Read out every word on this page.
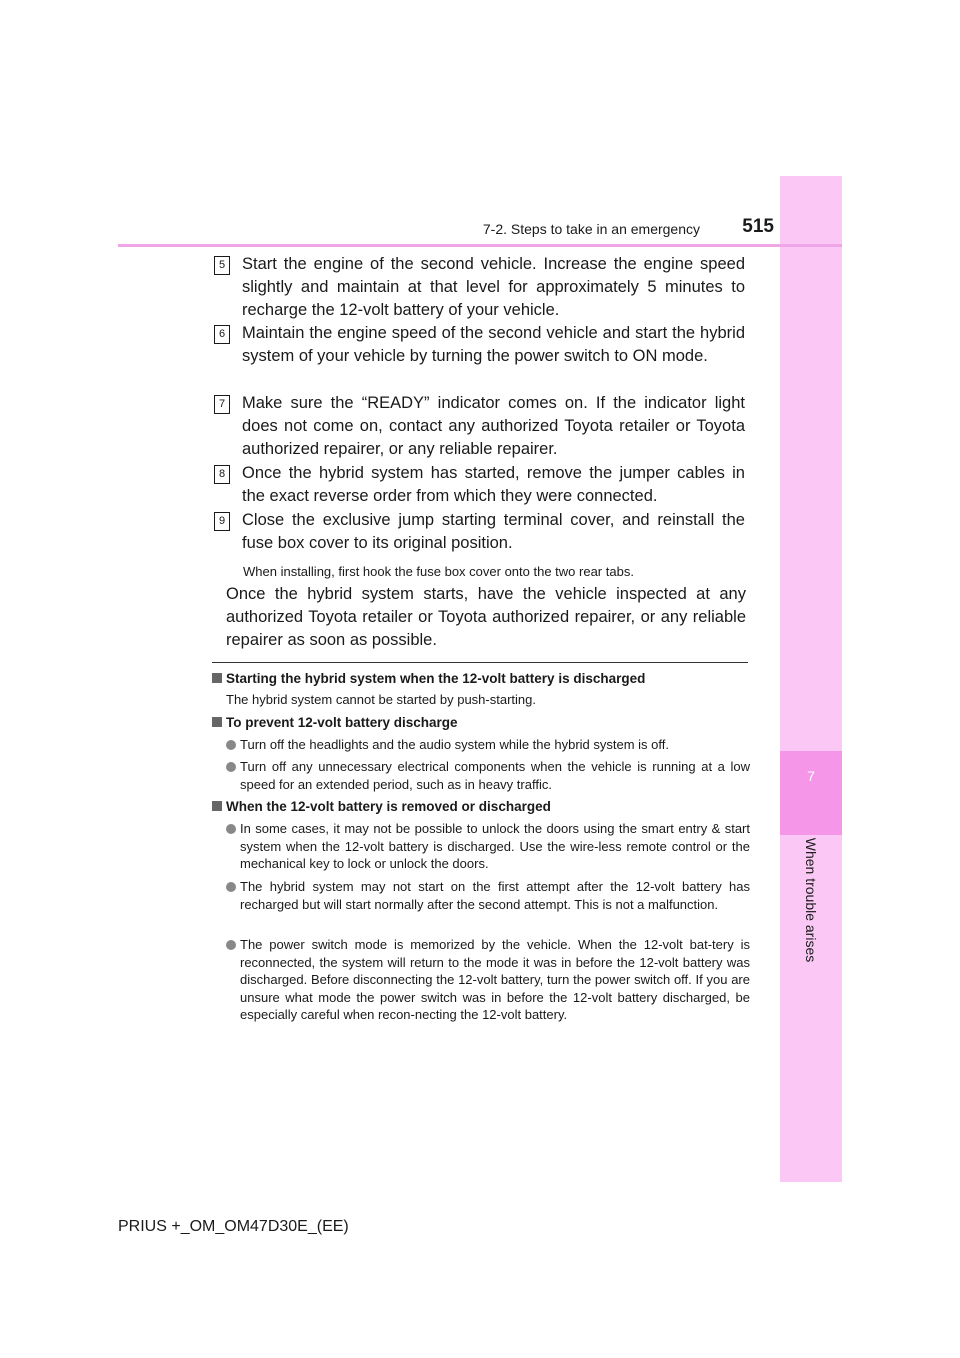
7
When trouble arises
7-2. Steps to take in an emergency	515
5 Start the engine of the second vehicle. Increase the engine speed slightly and maintain at that level for approximately 5 minutes to recharge the 12-volt battery of your vehicle.
6 Maintain the engine speed of the second vehicle and start the hybrid system of your vehicle by turning the power switch to ON mode.
7 Make sure the “READY” indicator comes on. If the indicator light does not come on, contact any authorized Toyota retailer or Toyota authorized repairer, or any reliable repairer.
8 Once the hybrid system has started, remove the jumper cables in the exact reverse order from which they were connected.
9 Close the exclusive jump starting terminal cover, and reinstall the fuse box cover to its original position.
When installing, first hook the fuse box cover onto the two rear tabs.
Once the hybrid system starts, have the vehicle inspected at any authorized Toyota retailer or Toyota authorized repairer, or any reliable repairer as soon as possible.
Starting the hybrid system when the 12-volt battery is discharged
The hybrid system cannot be started by push-starting.
To prevent 12-volt battery discharge
Turn off the headlights and the audio system while the hybrid system is off.
Turn off any unnecessary electrical components when the vehicle is running at a low speed for an extended period, such as in heavy traffic.
When the 12-volt battery is removed or discharged
In some cases, it may not be possible to unlock the doors using the smart entry & start system when the 12-volt battery is discharged. Use the wire-less remote control or the mechanical key to lock or unlock the doors.
The hybrid system may not start on the first attempt after the 12-volt battery has recharged but will start normally after the second attempt. This is not a malfunction.
The power switch mode is memorized by the vehicle. When the 12-volt bat-tery is reconnected, the system will return to the mode it was in before the 12-volt battery was discharged. Before disconnecting the 12-volt battery, turn the power switch off. If you are unsure what mode the power switch was in before the 12-volt battery discharged, be especially careful when recon-necting the 12-volt battery.
PRIUS +_OM_OM47D30E_(EE)
